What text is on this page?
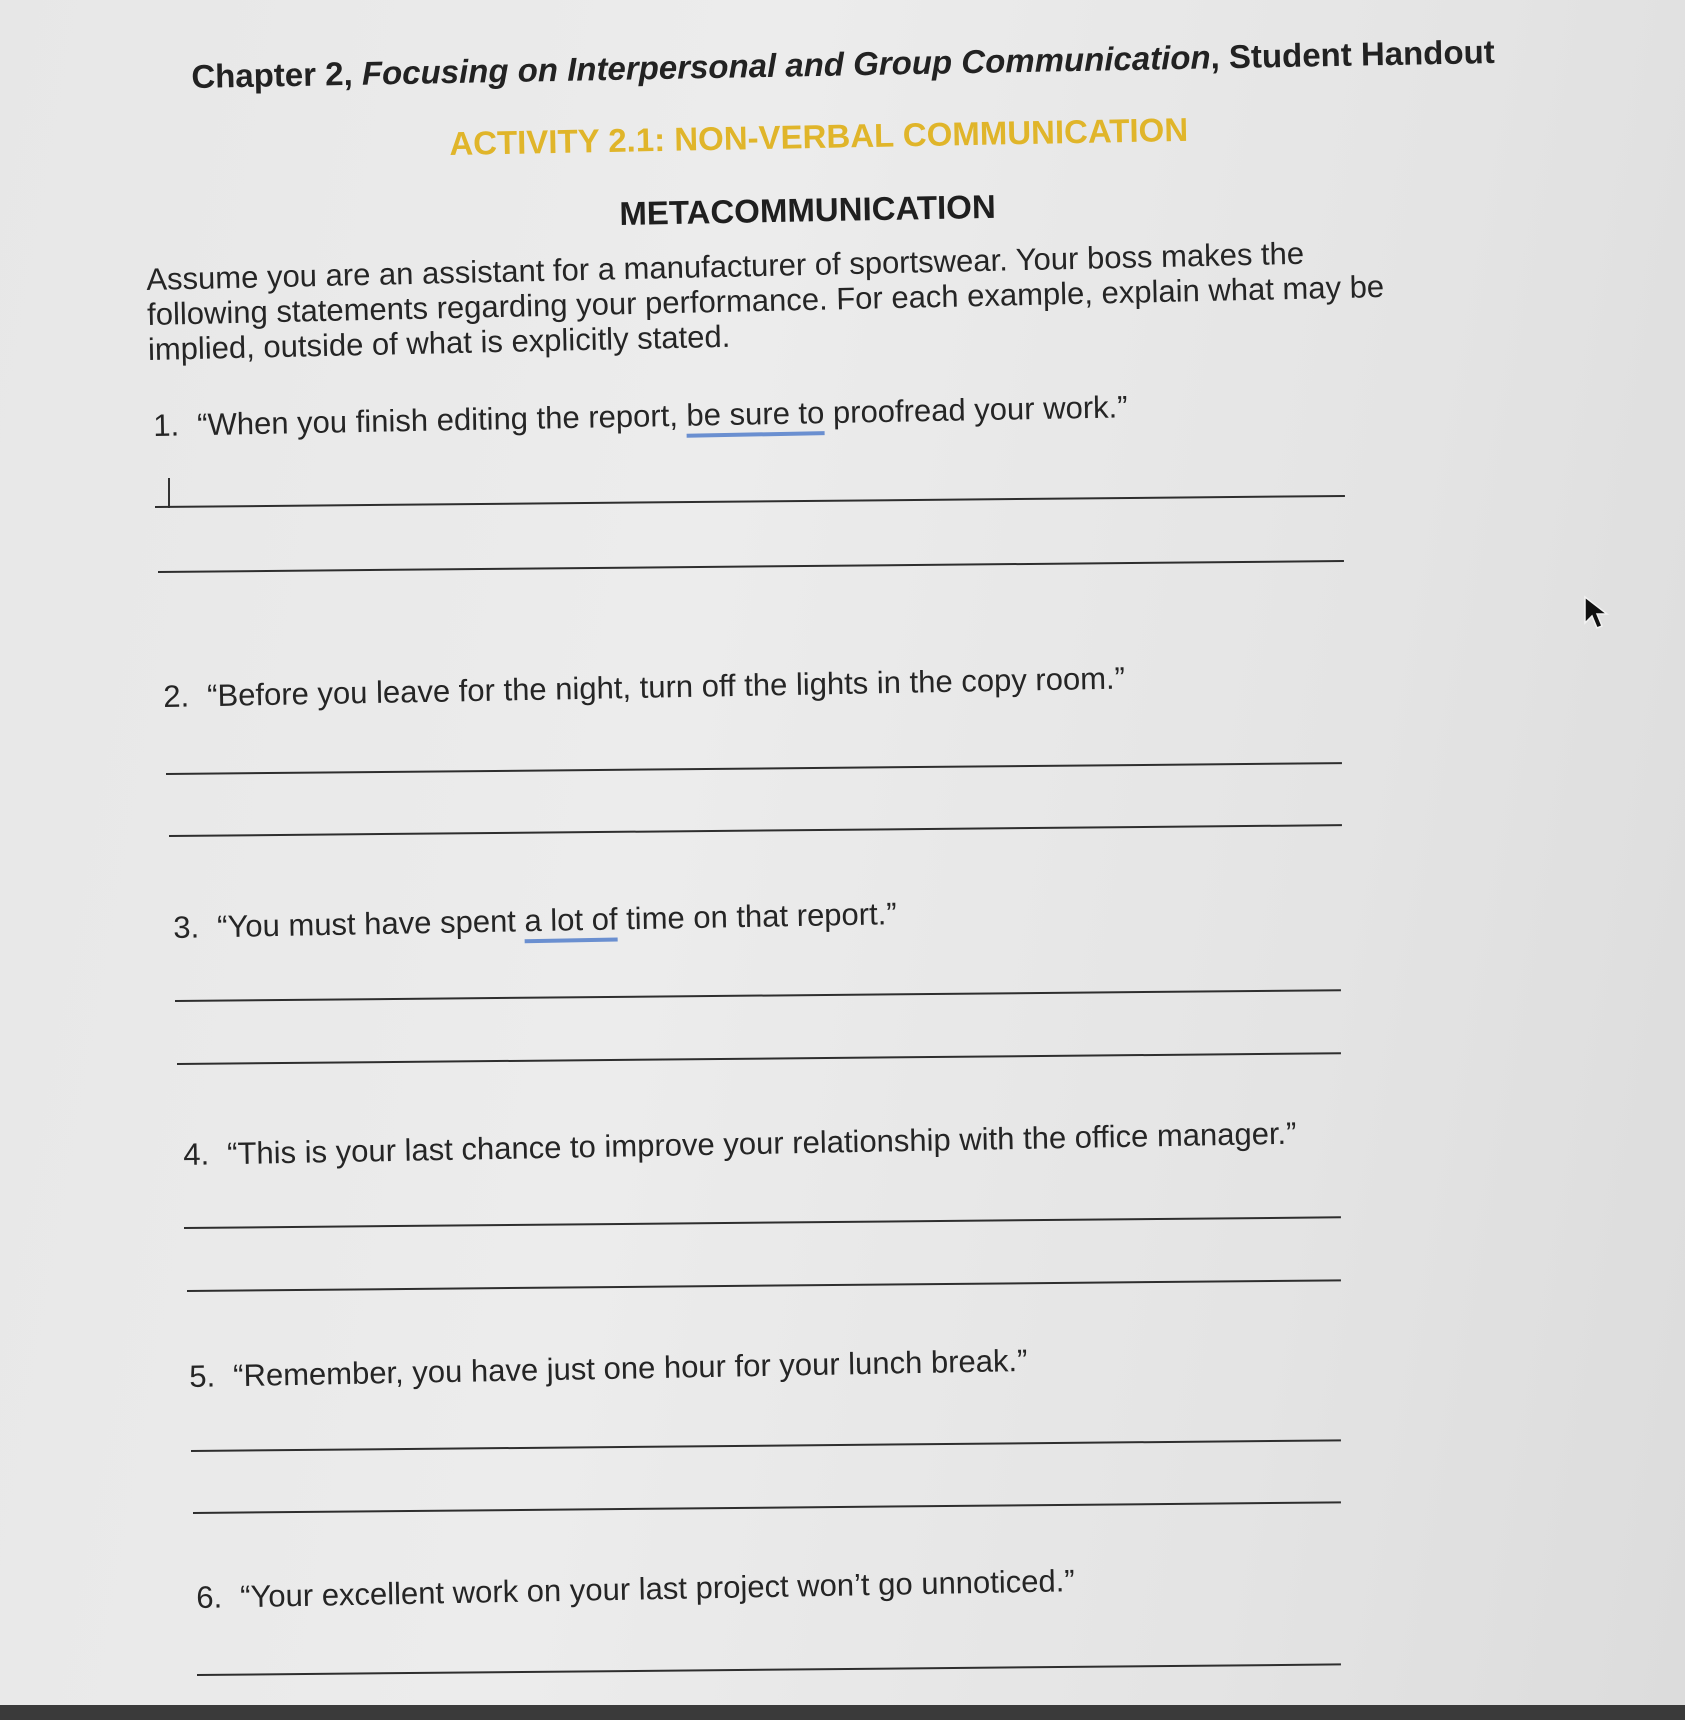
Chapter 2, Focusing on Interpersonal and Group Communication, Student Handout
ACTIVITY 2.1: NON-VERBAL COMMUNICATION
METACOMMUNICATION
Assume you are an assistant for a manufacturer of sportswear. Your boss makes the following statements regarding your performance. For each example, explain what may be implied, outside of what is explicitly stated.
1. “When you finish editing the report, be sure to proofread your work.”
2. “Before you leave for the night, turn off the lights in the copy room.”
3. “You must have spent a lot of time on that report.”
4. “This is your last chance to improve your relationship with the office manager.”
5. “Remember, you have just one hour for your lunch break.”
6. “Your excellent work on your last project won’t go unnoticed.”
